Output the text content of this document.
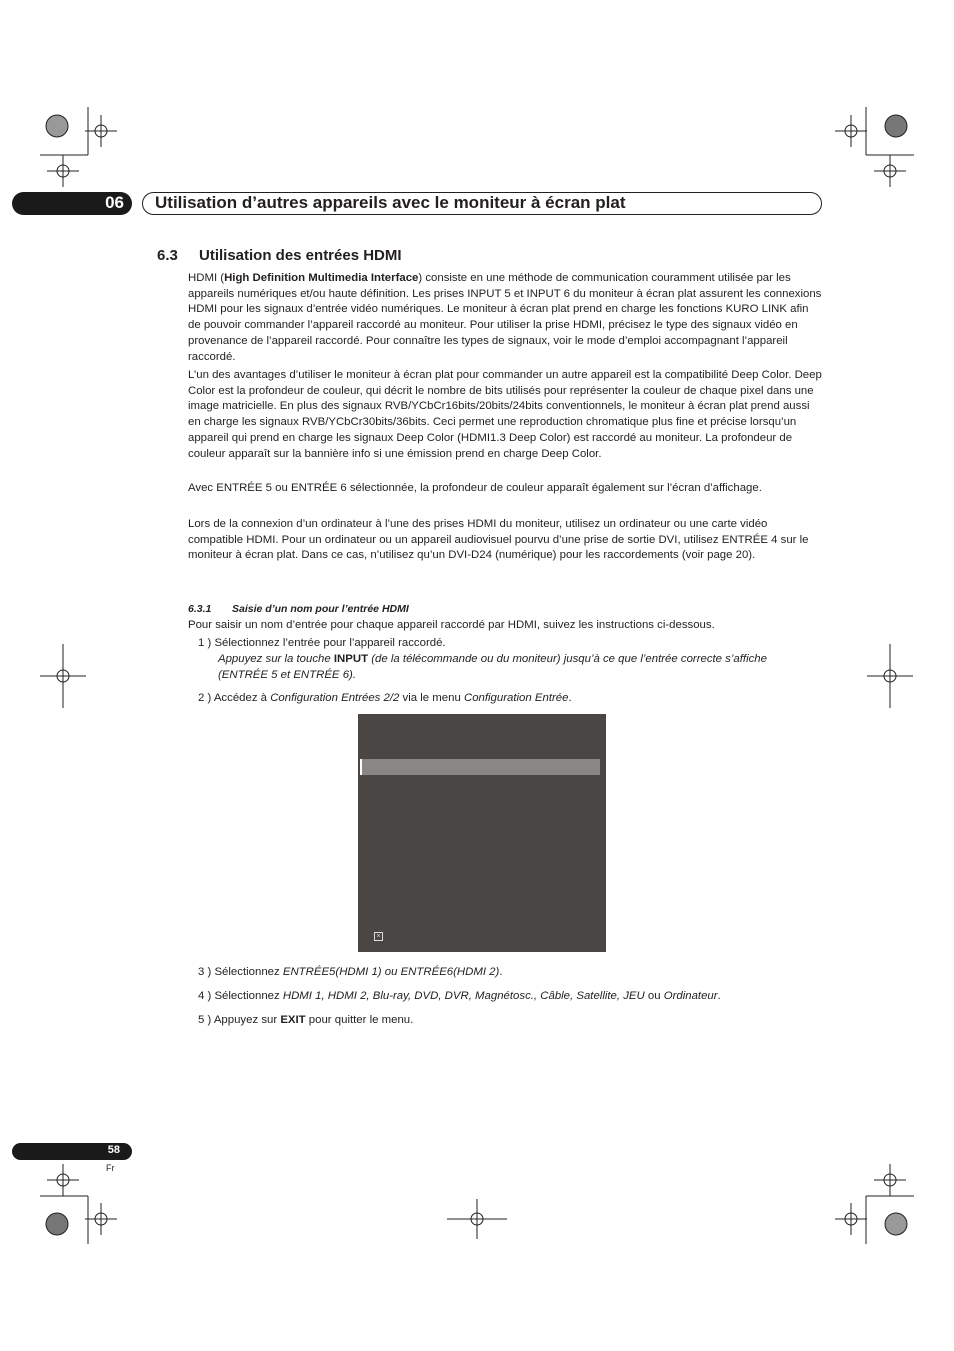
06 Utilisation d’autres appareils avec le moniteur à écran plat
6.3 Utilisation des entrées HDMI
HDMI (High Definition Multimedia Interface) consiste en une méthode de communication couramment utilisée par les appareils numériques et/ou haute définition. Les prises INPUT 5 et INPUT 6 du moniteur à écran plat assurent les connexions HDMI pour les signaux d’entrée vidéo numériques. Le moniteur à écran plat prend en charge les fonctions KURO LINK afin de pouvoir commander l’appareil raccordé au moniteur. Pour utiliser la prise HDMI, précisez le type des signaux vidéo en provenance de l’appareil raccordé. Pour connaître les types de signaux, voir le mode d’emploi accompagnant l’appareil raccordé.
L’un des avantages d’utiliser le moniteur à écran plat pour commander un autre appareil est la compatibilité Deep Color. Deep Color est la profondeur de couleur, qui décrit le nombre de bits utilisés pour représenter la couleur de chaque pixel dans une image matricielle. En plus des signaux RVB/YCbCr16bits/20bits/24bits conventionnels, le moniteur à écran plat prend aussi en charge les signaux RVB/YCbCr30bits/36bits. Ceci permet une reproduction chromatique plus fine et précise lorsqu’un appareil qui prend en charge les signaux Deep Color (HDMI1.3 Deep Color) est raccordé au moniteur. La profondeur de couleur apparaît sur la bannière info si une émission prend en charge Deep Color.
Avec ENTRÉE 5 ou ENTRÉE 6 sélectionnée, la profondeur de couleur apparaît également sur l’écran d’affichage.
Lors de la connexion d’un ordinateur à l’une des prises HDMI du moniteur, utilisez un ordinateur ou une carte vidéo compatible HDMI. Pour un ordinateur ou un appareil audiovisuel pourvu d’une prise de sortie DVI, utilisez ENTRÉE 4 sur le moniteur à écran plat. Dans ce cas, n’utilisez qu’un DVI-D24 (numérique) pour les raccordements (voir page 20).
6.3.1 Saisie d’un nom pour l’entrée HDMI
Pour saisir un nom d’entrée pour chaque appareil raccordé par HDMI, suivez les instructions ci-dessous.
1 ) Sélectionnez l’entrée pour l’appareil raccordé.
Appuyez sur la touche INPUT (de la télécommande ou du moniteur) jusqu’à ce que l’entrée correcte s’affiche (ENTRÉE 5 et ENTRÉE 6).
2 ) Accédez à Configuration Entrées 2/2 via le menu Configuration Entrée.
×
3 ) Sélectionnez ENTRÉE5(HDMI 1) ou ENTRÉE6(HDMI 2).
4 ) Sélectionnez HDMI 1, HDMI 2, Blu-ray, DVD, DVR, Magnétosc., Câble, Satellite, JEU ou Ordinateur.
5 ) Appuyez sur EXIT pour quitter le menu.
58
Fr
